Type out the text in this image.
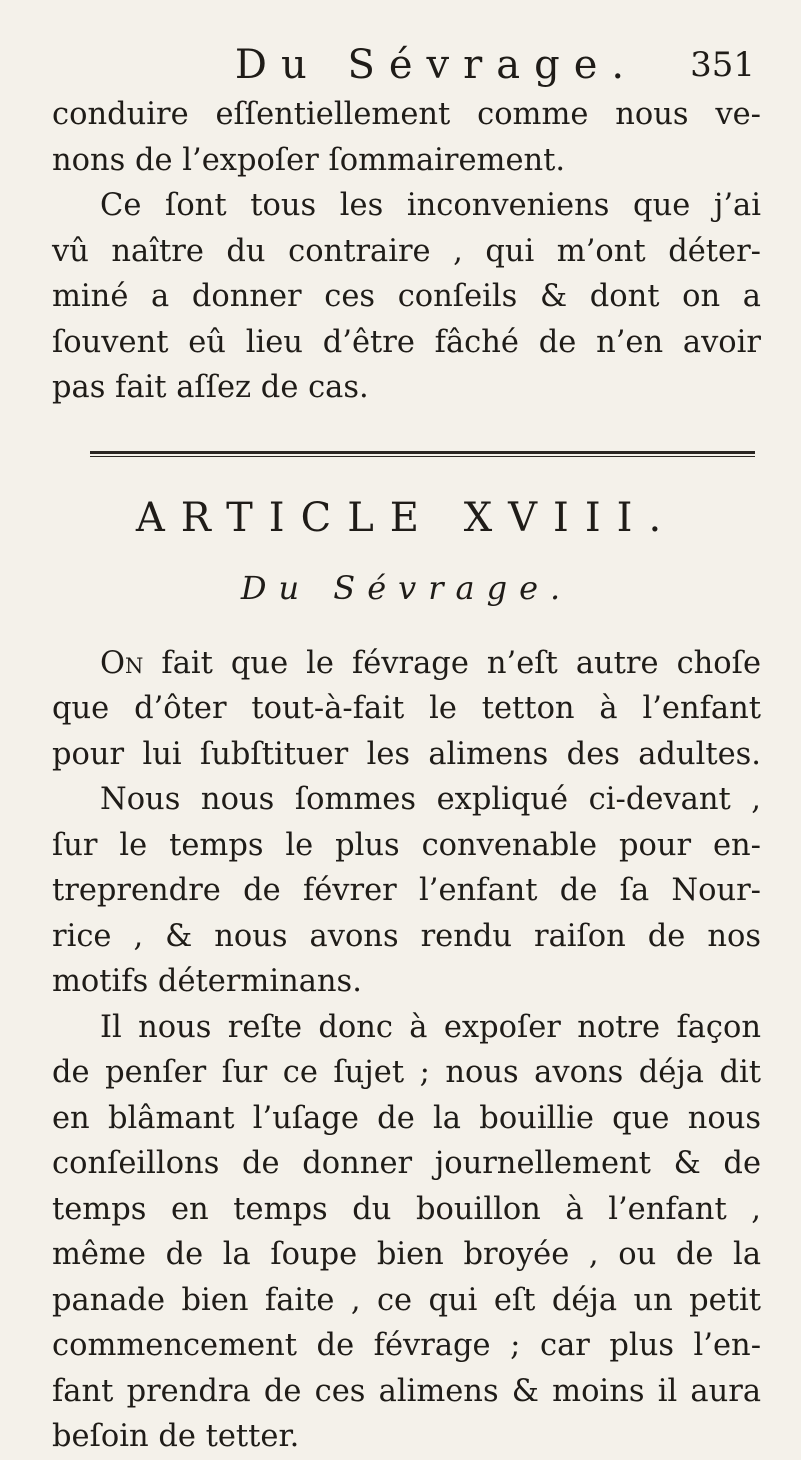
Du Sévrage. 351
conduire eſſentiellement comme nous ve-
nons de l’expoſer ſommairement.
Ce ſont tous les inconveniens que j’ai
vû naître du contraire , qui m’ont déter-
miné a donner ces conſeils & dont on a
ſouvent eû lieu d’être fâché de n’en avoir
pas fait aſſez de cas.
ARTICLE XVIII.
Du Sévrage.
On fait que le févrage n’eſt autre choſe
que d’ôter tout-à-fait le tetton à l’enfant
pour lui ſubſtituer les alimens des adultes.
Nous nous ſommes expliqué ci-devant ,
ſur le temps le plus convenable pour en-
treprendre de févrer l’enfant de ſa Nour-
rice , & nous avons rendu raiſon de nos
motifs déterminans.
Il nous reſte donc à expoſer notre façon
de penſer ſur ce ſujet ; nous avons déja dit
en blâmant l’uſage de la bouillie que nous
conſeillons de donner journellement & de
temps en temps du bouillon à l’enfant ,
même de la ſoupe bien broyée , ou de la
panade bien faite , ce qui eſt déja un petit
commencement de févrage ; car plus l’en-
fant prendra de ces alimens & moins il aura
beſoin de tetter.
